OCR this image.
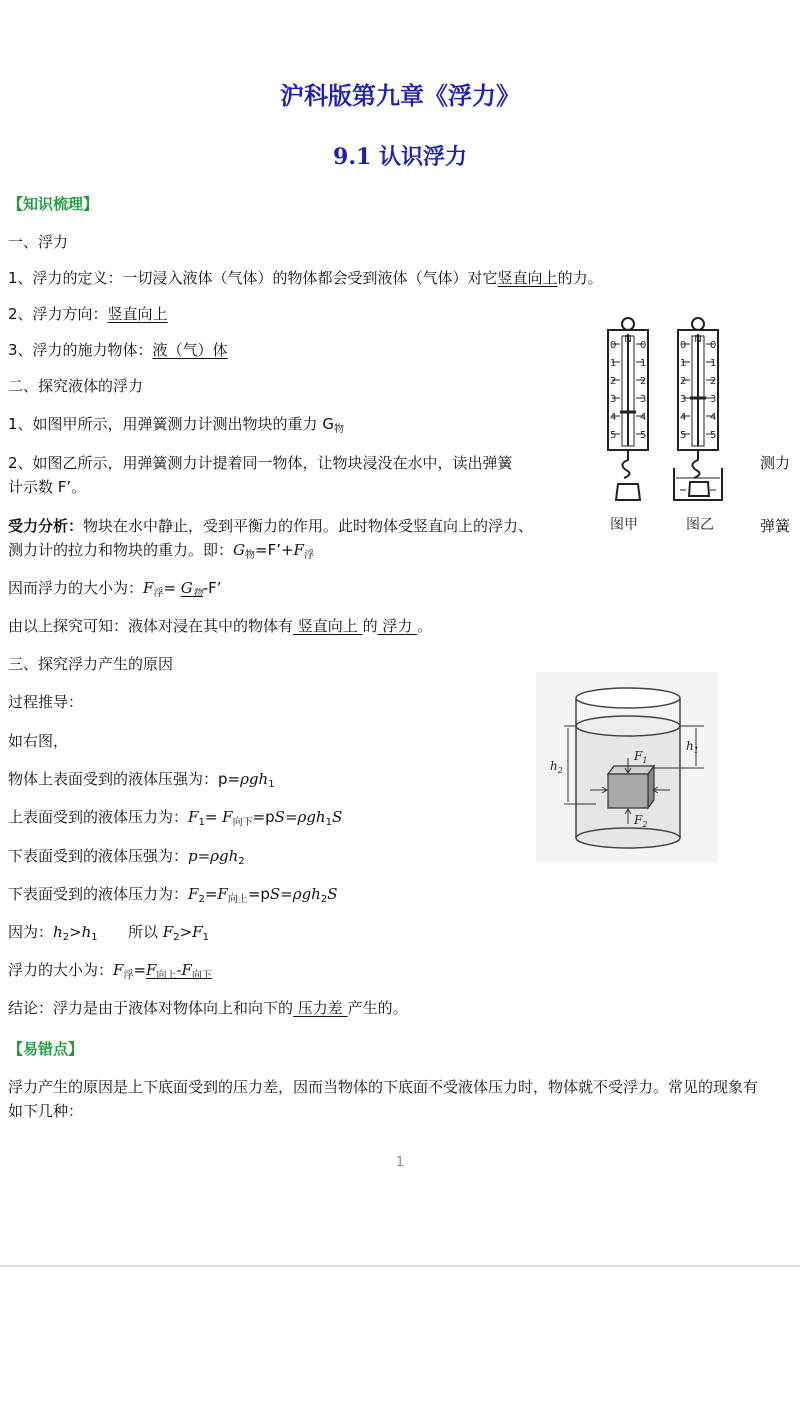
沪科版第九章《浮力》
9.1 认识浮力
【知识梳理】
一、浮力
1、浮力的定义：一切浸入液体（气体）的物体都会受到液体（气体）对它竖直向上的力。
2、浮力方向：竖直向上
3、浮力的施力物体：液（气）体
二、探究液体的浮力
1、如图甲所示，用弹簧测力计测出物块的重力 $G_物$
2、如图乙所示，用弹簧测力计提着同一物体，让物块浸没在水中，读出弹簧	测力
计示数 F’。
受力分析：物块在水中静止，受到平衡力的作用。此时物体受竖直向上的浮力、	弹簧
测力计的拉力和物块的重力。即：$G_物=F’+F_浮$
因而浮力的大小为：$F_浮= G_物-F$’
由以上探究可知：液体对浸在其中的物体有 竖直向上 的 浮力 。
三、探究浮力产生的原因
过程推导：
如右图，
物体上表面受到的液体压强为：p=ρgh$_1$
上表面受到的液体压力为：$F_1= F_{向下}=pS=\rho gh_1S$
下表面受到的液体压强为：p=ρgh$_2$
下表面受到的液体压力为：$F_2=F_{向上}=pS=\rho gh_2S$
因为：$h_2>h_1$ 所以 $F_2>F_1$
浮力的大小为：$F_浮=F_{向上}-F_{向下}$
结论：浮力是由于液体对物体向上和向下的 压力差 产生的。
【易错点】
浮力产生的原因是上下底面受到的压力差，因而当物体的下底面不受液体压力时，物体就不受浮力。常见的现象有
如下几种：
1
N	N
0
1
2
3
4
5
0
1
2
3
4
5
0
1
2
3
4
5
0
1
2
3
4
5
图甲	图乙
$h_2$
$h_1$
$F_1$
$F_2$
